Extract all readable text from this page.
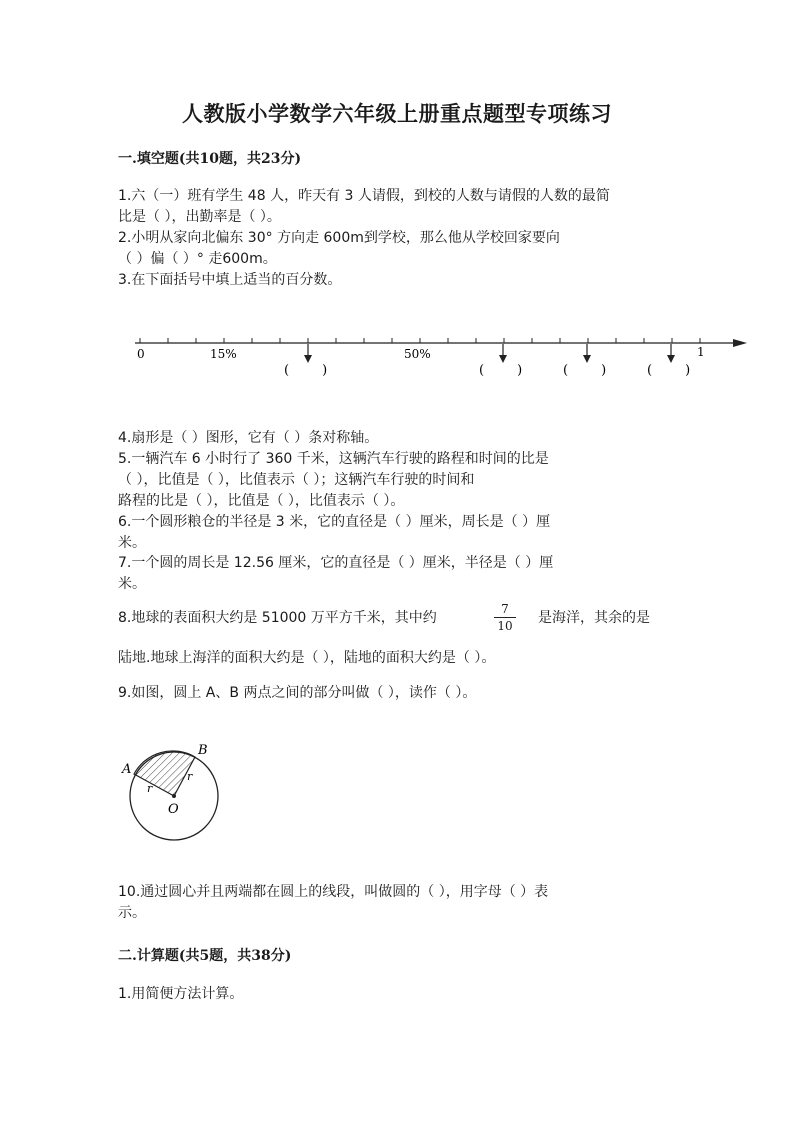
人教版小学数学六年级上册重点题型专项练习
一.填空题(共10题，共23分)
1.六（一）班有学生 48 人，昨天有 3 人请假，到校的人数与请假的人数的最简
比是（ ），出勤率是（ ）。
2.小明从家向北偏东 30° 方向走 600m到学校，那么他从学校回家要向
（ ）偏（ ）° 走600m。
3.在下面括号中填上适当的百分数。
0	15%	50%	1
(        )	(        )	(        )	(        )
4.扇形是（ ）图形，它有（ ）条对称轴。
5.一辆汽车 6 小时行了 360 千米，这辆汽车行驶的路程和时间的比是
（ ），比值是（ ），比值表示（ ）；这辆汽车行驶的时间和
路程的比是（ ），比值是（ ），比值表示（ ）。
6.一个圆形粮仓的半径是 3 米，它的直径是（ ）厘米，周长是（ ）厘
米。
7.一个圆的周长是 12.56 厘米，它的直径是（ ）厘米，半径是（ ）厘
米。
8.地球的表面积大约是 51000 万平方千米，其中约
7
10 是海洋，其余的是
陆地.地球上海洋的面积大约是（ ），陆地的面积大约是（ ）。
9.如图，圆上 A、B 两点之间的部分叫做（ ），读作（ ）。
A
B
O
r
r
10.通过圆心并且两端都在圆上的线段，叫做圆的（ ），用字母（ ）表
示。
二.计算题(共5题，共38分)
1.用简便方法计算。
